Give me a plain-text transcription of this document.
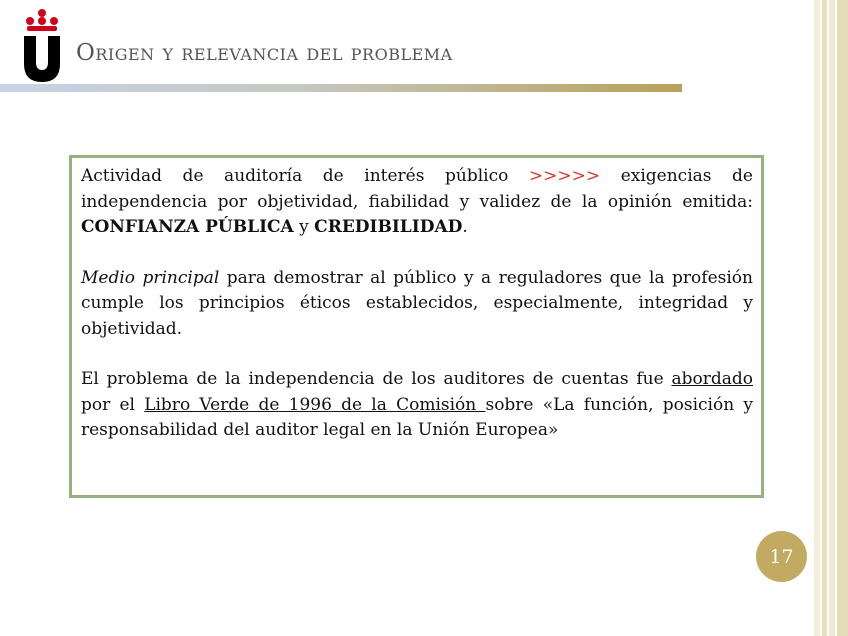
Origen y relevancia del problema

Actividad de auditoría de interés público >>>>> exigencias de independencia por objetividad, fiabilidad y validez de la opinión emitida: CONFIANZA PÚBLICA y CREDIBILIDAD.

Medio principal para demostrar al público y a reguladores que la profesión cumple los principios éticos establecidos, especialmente, integridad y objetividad.

El problema de la independencia de los auditores de cuentas fue abordado por el Libro Verde de 1996 de la Comisión sobre «La función, posición y responsabilidad del auditor legal en la Unión Europea»

17
